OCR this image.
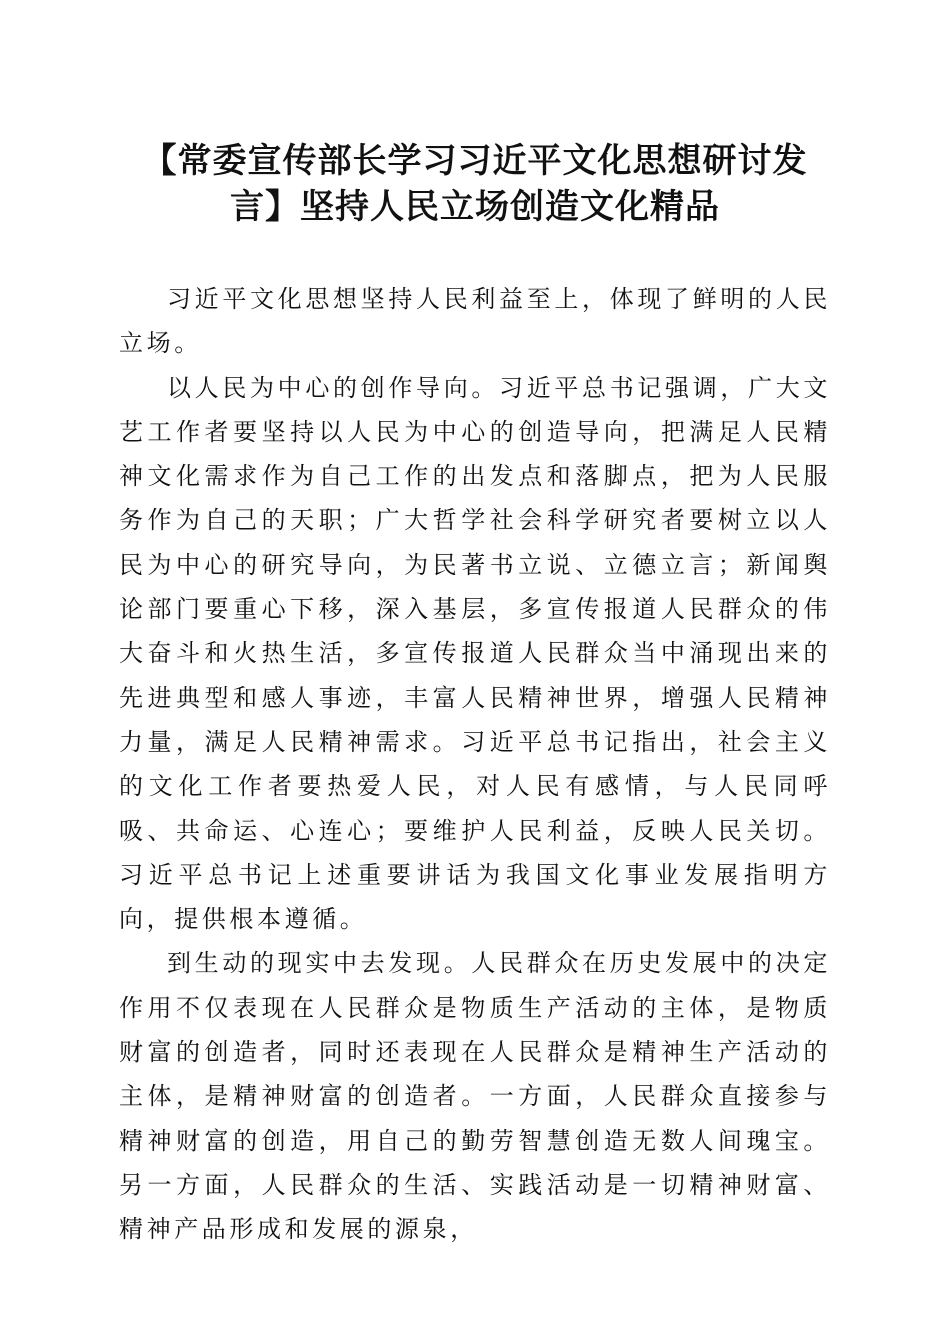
【常委宣传部长学习习近平文化思想研讨发
言】坚持人民立场创造文化精品

习近平文化思想坚持人民利益至上，体现了鲜明的人民立场。

以人民为中心的创作导向。习近平总书记强调，广大文艺工作者要坚持以人民为中心的创造导向，把满足人民精神文化需求作为自己工作的出发点和落脚点，把为人民服务作为自己的天职；广大哲学社会科学研究者要树立以人民为中心的研究导向，为民著书立说、立德立言；新闻舆论部门要重心下移，深入基层，多宣传报道人民群众的伟大奋斗和火热生活，多宣传报道人民群众当中涌现出来的先进典型和感人事迹，丰富人民精神世界，增强人民精神力量，满足人民精神需求。习近平总书记指出，社会主义的文化工作者要热爱人民，对人民有感情，与人民同呼吸、共命运、心连心；要维护人民利益，反映人民关切。习近平总书记上述重要讲话为我国文化事业发展指明方向，提供根本遵循。

到生动的现实中去发现。人民群众在历史发展中的决定作用不仅表现在人民群众是物质生产活动的主体，是物质财富的创造者，同时还表现在人民群众是精神生产活动的主体，是精神财富的创造者。一方面，人民群众直接参与精神财富的创造，用自己的勤劳智慧创造无数人间瑰宝。另一方面，人民群众的生活、实践活动是一切精神财富、精神产品形成和发展的源泉，
